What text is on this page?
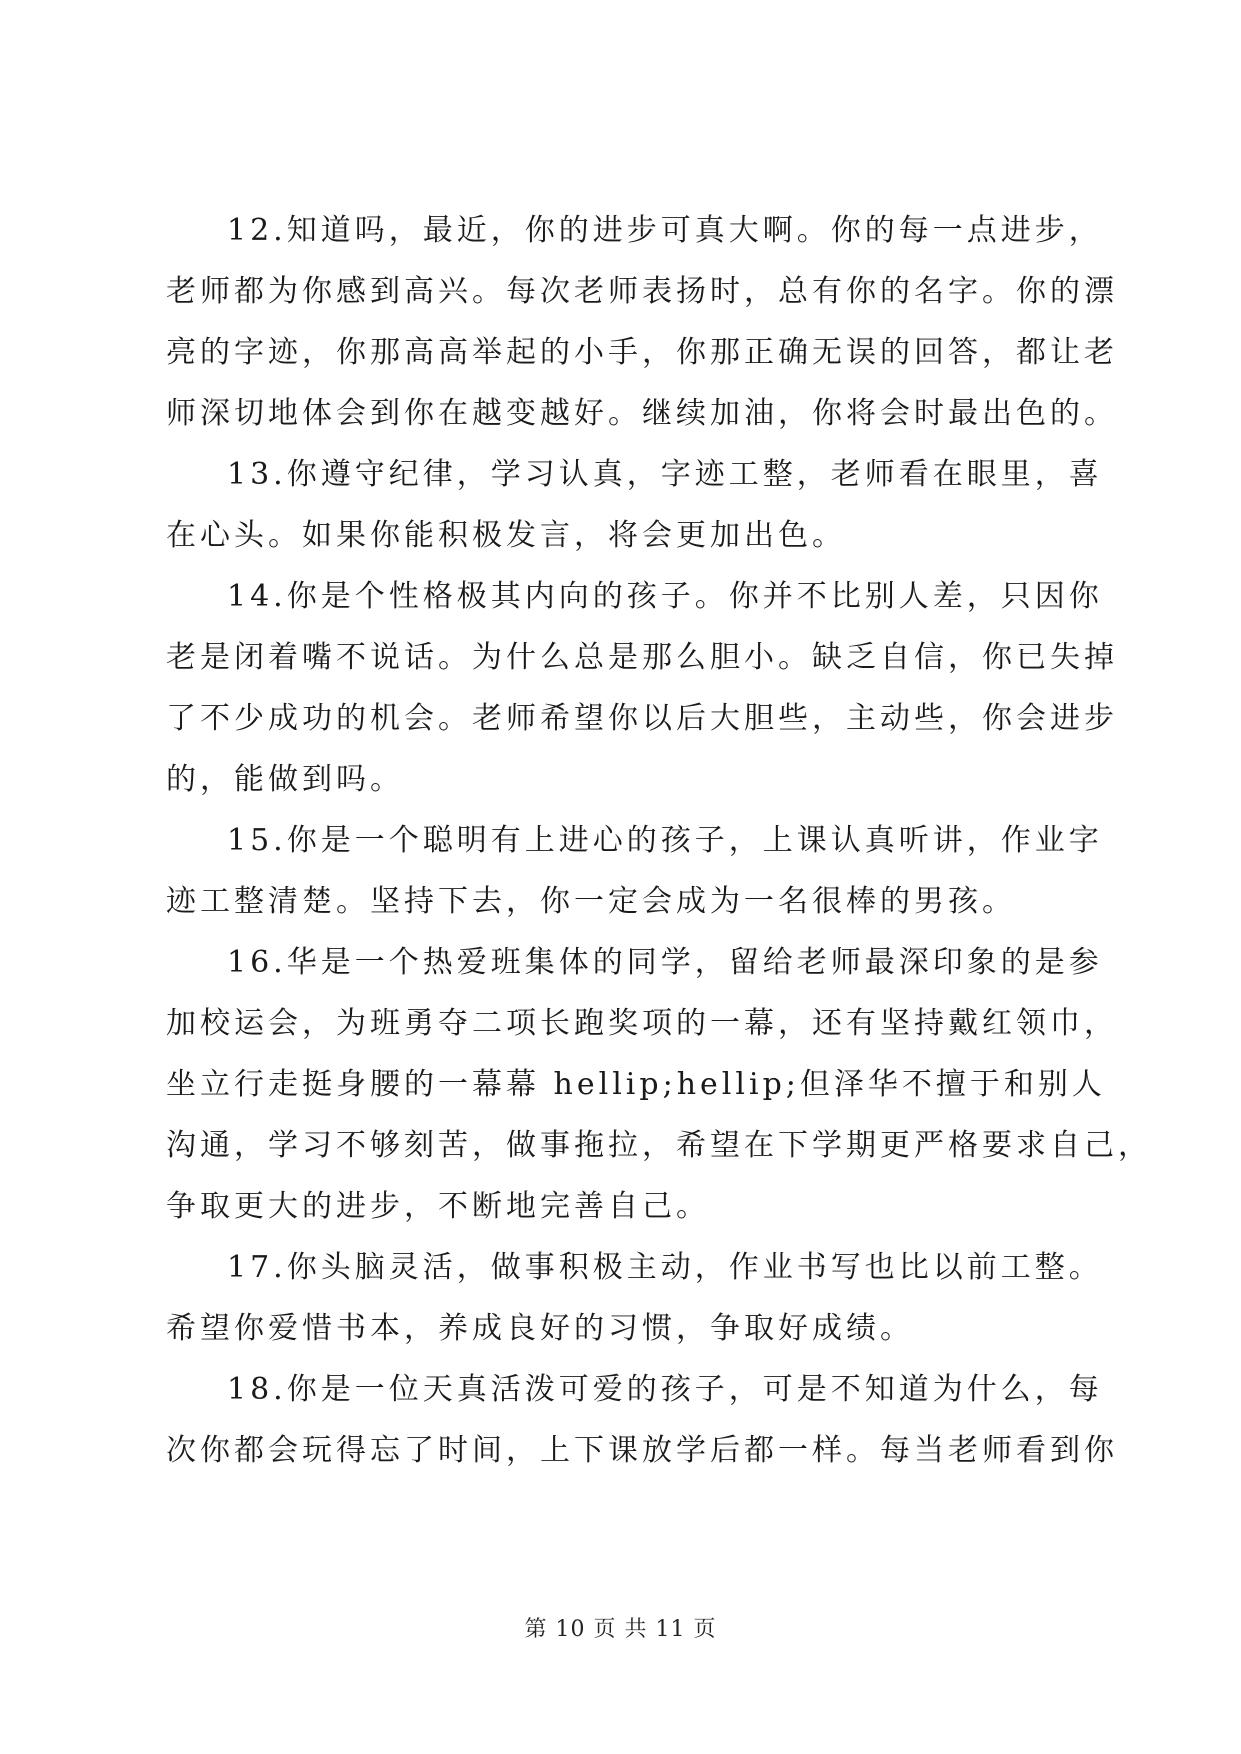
12.知道吗，最近，你的进步可真大啊。你的每一点进步，
老师都为你感到高兴。每次老师表扬时，总有你的名字。你的漂
亮的字迹，你那高高举起的小手，你那正确无误的回答，都让老
师深切地体会到你在越变越好。继续加油，你将会时最出色的。

13.你遵守纪律，学习认真，字迹工整，老师看在眼里，喜
在心头。如果你能积极发言，将会更加出色。

14.你是个性格极其内向的孩子。你并不比别人差，只因你
老是闭着嘴不说话。为什么总是那么胆小。缺乏自信，你已失掉
了不少成功的机会。老师希望你以后大胆些，主动些，你会进步
的，能做到吗。

15.你是一个聪明有上进心的孩子，上课认真听讲，作业字
迹工整清楚。坚持下去，你一定会成为一名很棒的男孩。

16.华是一个热爱班集体的同学，留给老师最深印象的是参
加校运会，为班勇夺二项长跑奖项的一幕，还有坚持戴红领巾，
坐立行走挺身腰的一幕幕 hellip;hellip;但泽华不擅于和别人
沟通，学习不够刻苦，做事拖拉，希望在下学期更严格要求自己，
争取更大的进步，不断地完善自己。

17.你头脑灵活，做事积极主动，作业书写也比以前工整。
希望你爱惜书本，养成良好的习惯，争取好成绩。

18.你是一位天真活泼可爱的孩子，可是不知道为什么，每
次你都会玩得忘了时间，上下课放学后都一样。每当老师看到你

第 10 页 共 11 页
